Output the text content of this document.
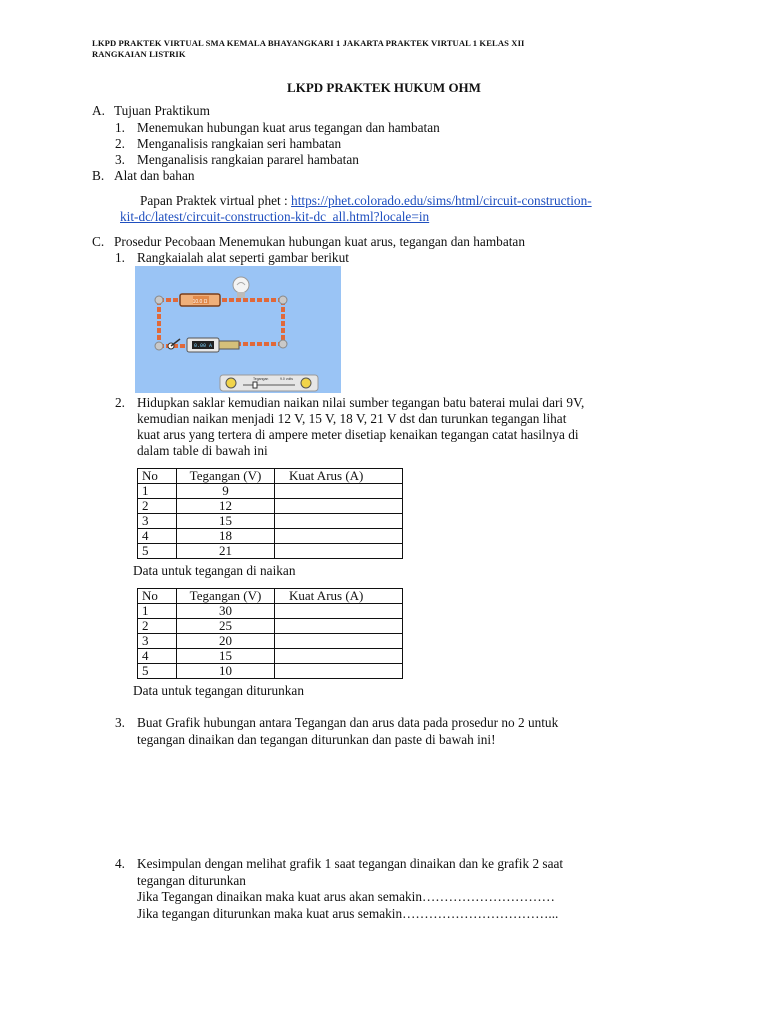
LKPD PRAKTEK VIRTUAL SMA KEMALA BHAYANGKARI 1 JAKARTA PRAKTEK VIRTUAL 1 KELAS XII
RANGKAIAN LISTRIK
LKPD PRAKTEK HUKUM OHM
A. Tujuan Praktikum
1. Menemukan hubungan kuat arus tegangan dan hambatan
2. Menganalisis rangkaian seri hambatan
3. Menganalisis rangkaian pararel hambatan
B. Alat dan bahan
Papan Praktek virtual phet : https://phet.colorado.edu/sims/html/circuit-construction-
kit-dc/latest/circuit-construction-kit-dc_all.html?locale=in
C. Prosedur Pecobaan Menemukan hubungan kuat arus, tegangan dan hambatan
1. Rangkaialah alat seperti gambar berikut
10.0 Ω
0.00 A
Tegangan	9.0 volts
2. Hidupkan saklar kemudian naikan nilai sumber tegangan batu baterai mulai dari 9V,
kemudian naikan menjadi 12 V, 15 V, 18 V, 21 V dst dan turunkan tegangan lihat
kuat arus yang tertera di ampere meter disetiap kenaikan tegangan catat hasilnya di
dalam table di bawah ini
No	Tegangan (V)	Kuat Arus (A)
1	9	
2	12	
3	15	
4	18	
5	21	
Data untuk tegangan di naikan
No	Tegangan (V)	Kuat Arus (A)
1	30	
2	25	
3	20	
4	15	
5	10	
Data untuk tegangan diturunkan
3. Buat Grafik hubungan antara Tegangan dan arus data pada prosedur no 2 untuk
tegangan dinaikan dan tegangan diturunkan dan paste di bawah ini!
4. Kesimpulan dengan melihat grafik 1 saat tegangan dinaikan dan ke grafik 2 saat
tegangan diturunkan
Jika Tegangan dinaikan maka kuat arus akan semakin…………………………
Jika tegangan diturunkan maka kuat arus semakin……………………………...
